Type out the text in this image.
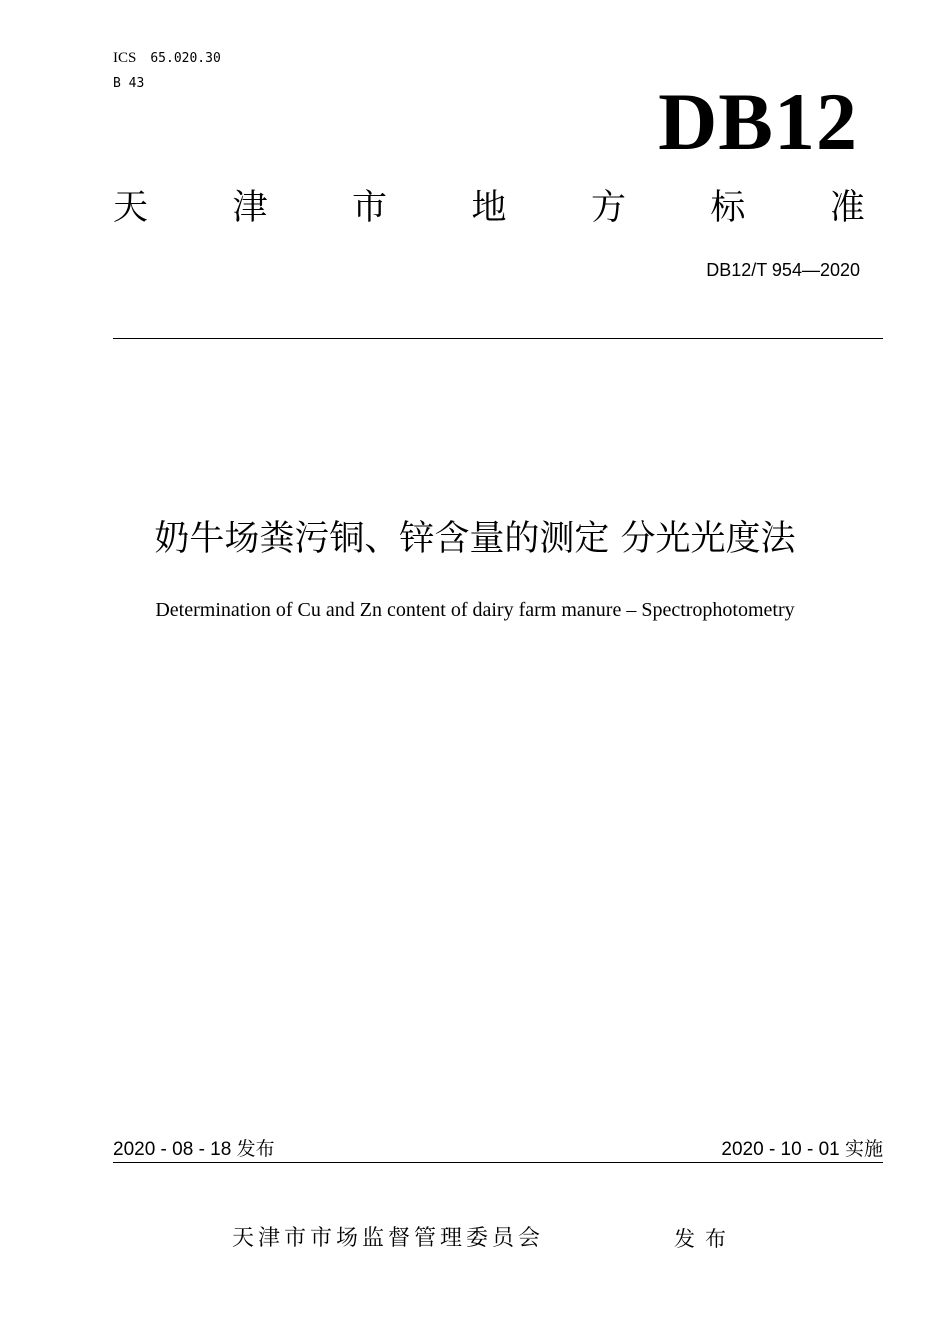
ICS 65.020.30
B 43	DB12
天 津 市 地 方 标 准
DB12/T 954—2020
奶牛场粪污铜、锌含量的测定 分光光度法
Determination of Cu and Zn content of dairy farm manure – Spectrophotometry
2020 - 08 - 18 发布	2020 - 10 - 01 实施
天津市市场监督管理委员会	发布
